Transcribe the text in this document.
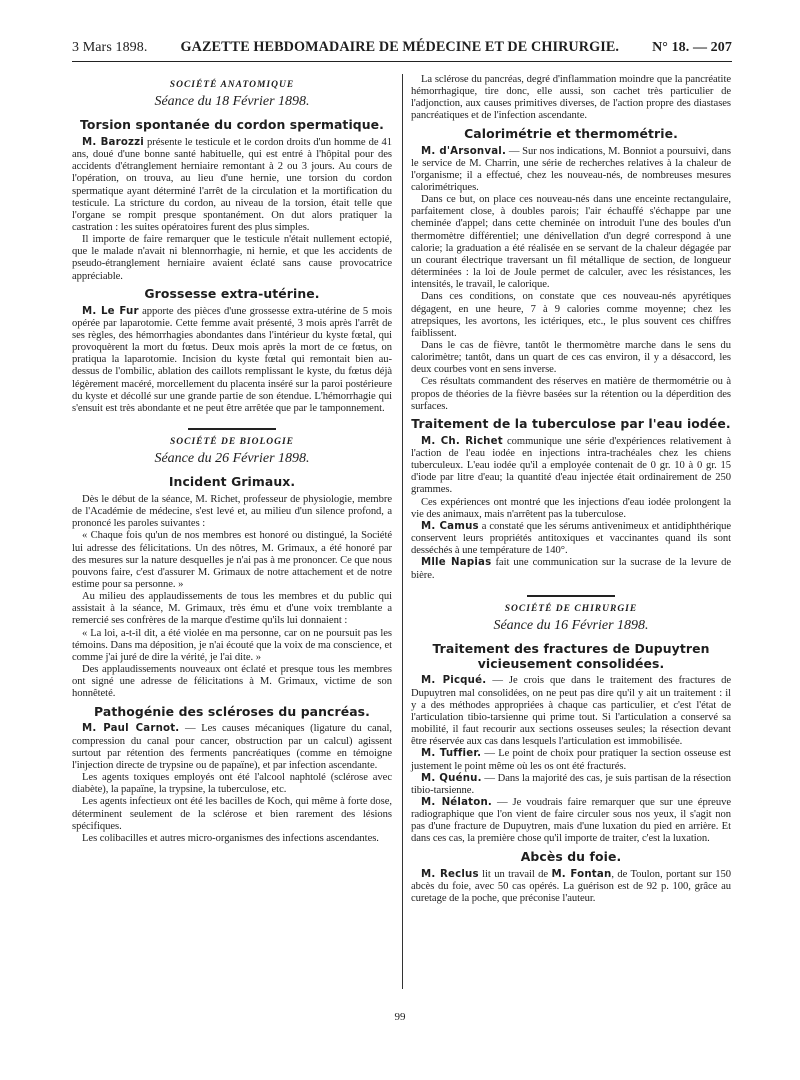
3 Mars 1898. GAZETTE HEBDOMADAIRE DE MÉDECINE ET DE CHIRURGIE. N° 18. — 207
SOCIÉTÉ ANATOMIQUE
Séance du 18 Février 1898.
Torsion spontanée du cordon spermatique.

M. Barozzi présente le testicule et le cordon droits d'un homme de 41 ans, doué d'une bonne santé habituelle, qui est entré à l'hôpital pour des accidents d'étranglement herniaire remontant à 2 ou 3 jours. Au cours de l'opération, on trouva, au lieu d'une hernie, une torsion du cordon spermatique ayant déterminé l'arrêt de la circulation et la mortification du testicule. La stricture du cordon, au niveau de la torsion, était telle que l'organe se rompit presque spontanément. On dut alors pratiquer la castration : les suites opératoires furent des plus simples.

Il importe de faire remarquer que le testicule n'était nullement ectopié, que le malade n'avait ni blennorrhagie, ni hernie, et que les accidents de pseudo-étranglement herniaire avaient éclaté sans cause provocatrice appréciable.

Grossesse extra-utérine.

M. Le Fur apporte des pièces d'une grossesse extra-utérine de 5 mois opérée par laparotomie. Cette femme avait présenté, 3 mois après l'arrêt de ses règles, des hémorrhagies abondantes dans l'intérieur du kyste fœtal, qui provoquèrent la mort du fœtus. Deux mois après la mort de ce fœtus, on pratiqua la laparotomie. Incision du kyste fœtal qui remontait bien au-dessus de l'ombilic, ablation des caillots remplissant le kyste, du fœtus déjà légèrement macéré, morcellement du placenta inséré sur la paroi postérieure du kyste et décollé sur une grande partie de son étendue. L'hémorrhagie qui s'ensuit est très abondante et ne peut être arrêtée que par le tamponnement.

SOCIÉTÉ DE BIOLOGIE
Séance du 26 Février 1898.
Incident Grimaux.

Dès le début de la séance, M. Richet, professeur de physiologie, membre de l'Académie de médecine, s'est levé et, au milieu d'un silence profond, a prononcé les paroles suivantes :

« Chaque fois qu'un de nos membres est honoré ou distingué, la Société lui adresse des félicitations. Un des nôtres, M. Grimaux, a été honoré par des mesures sur la nature desquelles je n'ai pas à me prononcer. Ce que nous pouvons faire, c'est d'assurer M. Grimaux de notre attachement et de notre estime pour sa personne. »

Au milieu des applaudissements de tous les membres et du public qui assistait à la séance, M. Grimaux, très ému et d'une voix tremblante a remercié ses confrères de la marque d'estime qu'ils lui donnaient :

« La loi, a-t-il dit, a été violée en ma personne, car on ne poursuit pas les témoins. Dans ma déposition, je n'ai écouté que la voix de ma conscience, et comme j'ai juré de dire la vérité, je l'ai dite. »

Des applaudissements nouveaux ont éclaté et presque tous les membres ont signé une adresse de félicitations à M. Grimaux, victime de son honnêteté.

Pathogénie des scléroses du pancréas.

M. Paul Carnot. — Les causes mécaniques (ligature du canal, compression du canal pour cancer, obstruction par un calcul) agissent surtout par rétention des ferments pancréatiques (comme en témoigne l'injection directe de trypsine ou de papaïne), et par infection ascendante.

Les agents toxiques employés ont été l'alcool naphtolé (sclérose avec diabète), la papaïne, la trypsine, la tuberculose, etc.

Les agents infectieux ont été les bacilles de Koch, qui même à forte dose, déterminent seulement de la sclérose et bien rarement des lésions spécifiques.

Les colibacilles et autres micro-organismes des infections ascendantes.

La sclérose du pancréas, degré d'inflammation moindre que la pancréatite hémorrhagique, tire donc, elle aussi, son cachet très particulier de l'adjonction, aux causes primitives diverses, de l'action propre des diastases pancréatiques et de l'infection ascendante.

Calorimétrie et thermométrie.

M. d'Arsonval. — Sur nos indications, M. Bonniot a poursuivi, dans le service de M. Charrin, une série de recherches relatives à la chaleur de l'organisme; il a effectué, chez les nouveau-nés, de nombreuses mesures calorimétriques.

Dans ce but, on place ces nouveau-nés dans une enceinte rectangulaire, parfaitement close, à doubles parois; l'air échauffé s'échappe par une cheminée d'appel; dans cette cheminée on introduit l'une des boules d'un thermomètre différentiel; une dénivellation d'un degré correspond à une calorie; la graduation a été réalisée en se servant de la chaleur dégagée par un courant électrique traversant un fil métallique de section, de longueur déterminées : la loi de Joule permet de calculer, avec les résistances, les intensités, le travail, le calorique.

Dans ces conditions, on constate que ces nouveau-nés apyrétiques dégagent, en une heure, 7 à 9 calories comme moyenne; chez les atrepsiques, les avortons, les ictériques, etc., le plus souvent ces chiffres faiblissent.

Dans le cas de fièvre, tantôt le thermomètre marche dans le sens du calorimètre; tantôt, dans un quart de ces cas environ, il y a désaccord, les deux courbes vont en sens inverse.

Ces résultats commandent des réserves en matière de thermométrie ou à propos de théories de la fièvre basées sur la rétention ou la déperdition des surfaces.

Traitement de la tuberculose par l'eau iodée.

M. Ch. Richet communique une série d'expériences relativement à l'action de l'eau iodée en injections intra-trachéales chez les chiens tuberculeux. L'eau iodée qu'il a employée contenait de 0 gr. 10 à 0 gr. 15 d'iode par litre d'eau; la quantité d'eau injectée était ordinairement de 250 grammes.

Ces expériences ont montré que les injections d'eau iodée prolongent la vie des animaux, mais n'arrêtent pas la tuberculose.

M. Camus a constaté que les sérums antivenimeux et antidiphthérique conservent leurs propriétés antitoxiques et vaccinantes quand ils sont desséchés à une température de 140°.

Mlle Napias fait une communication sur la sucrase de la levure de bière.

SOCIÉTÉ DE CHIRURGIE
Séance du 16 Février 1898.
Traitement des fractures de Dupuytren vicieusement consolidées.

M. Picqué. — Je crois que dans le traitement des fractures de Dupuytren mal consolidées, on ne peut pas dire qu'il y ait un traitement : il y a des méthodes appropriées à chaque cas particulier, et c'est l'état de l'articulation tibio-tarsienne qui prime tout. Si l'articulation a conservé sa mobilité, il faut recourir aux sections osseuses seules; la résection devant être réservée aux cas dans lesquels l'articulation est immobilisée.

M. Tuffier. — Le point de choix pour pratiquer la section osseuse est justement le point même où les os ont été fracturés.

M. Quénu. — Dans la majorité des cas, je suis partisan de la résection tibio-tarsienne.

M. Nélaton. — Je voudrais faire remarquer que sur une épreuve radiographique que l'on vient de faire circuler sous nos yeux, il s'agit non pas d'une fracture de Dupuytren, mais d'une luxation du pied en arrière. Et dans ces cas, la première chose qu'il importe de traiter, c'est la luxation.

Abcès du foie.

M. Reclus lit un travail de M. Fontan, de Toulon, portant sur 150 abcès du foie, avec 50 cas opérés. La guérison est de 92 p. 100, grâce au curetage de la poche, que préconise l'auteur.

99
